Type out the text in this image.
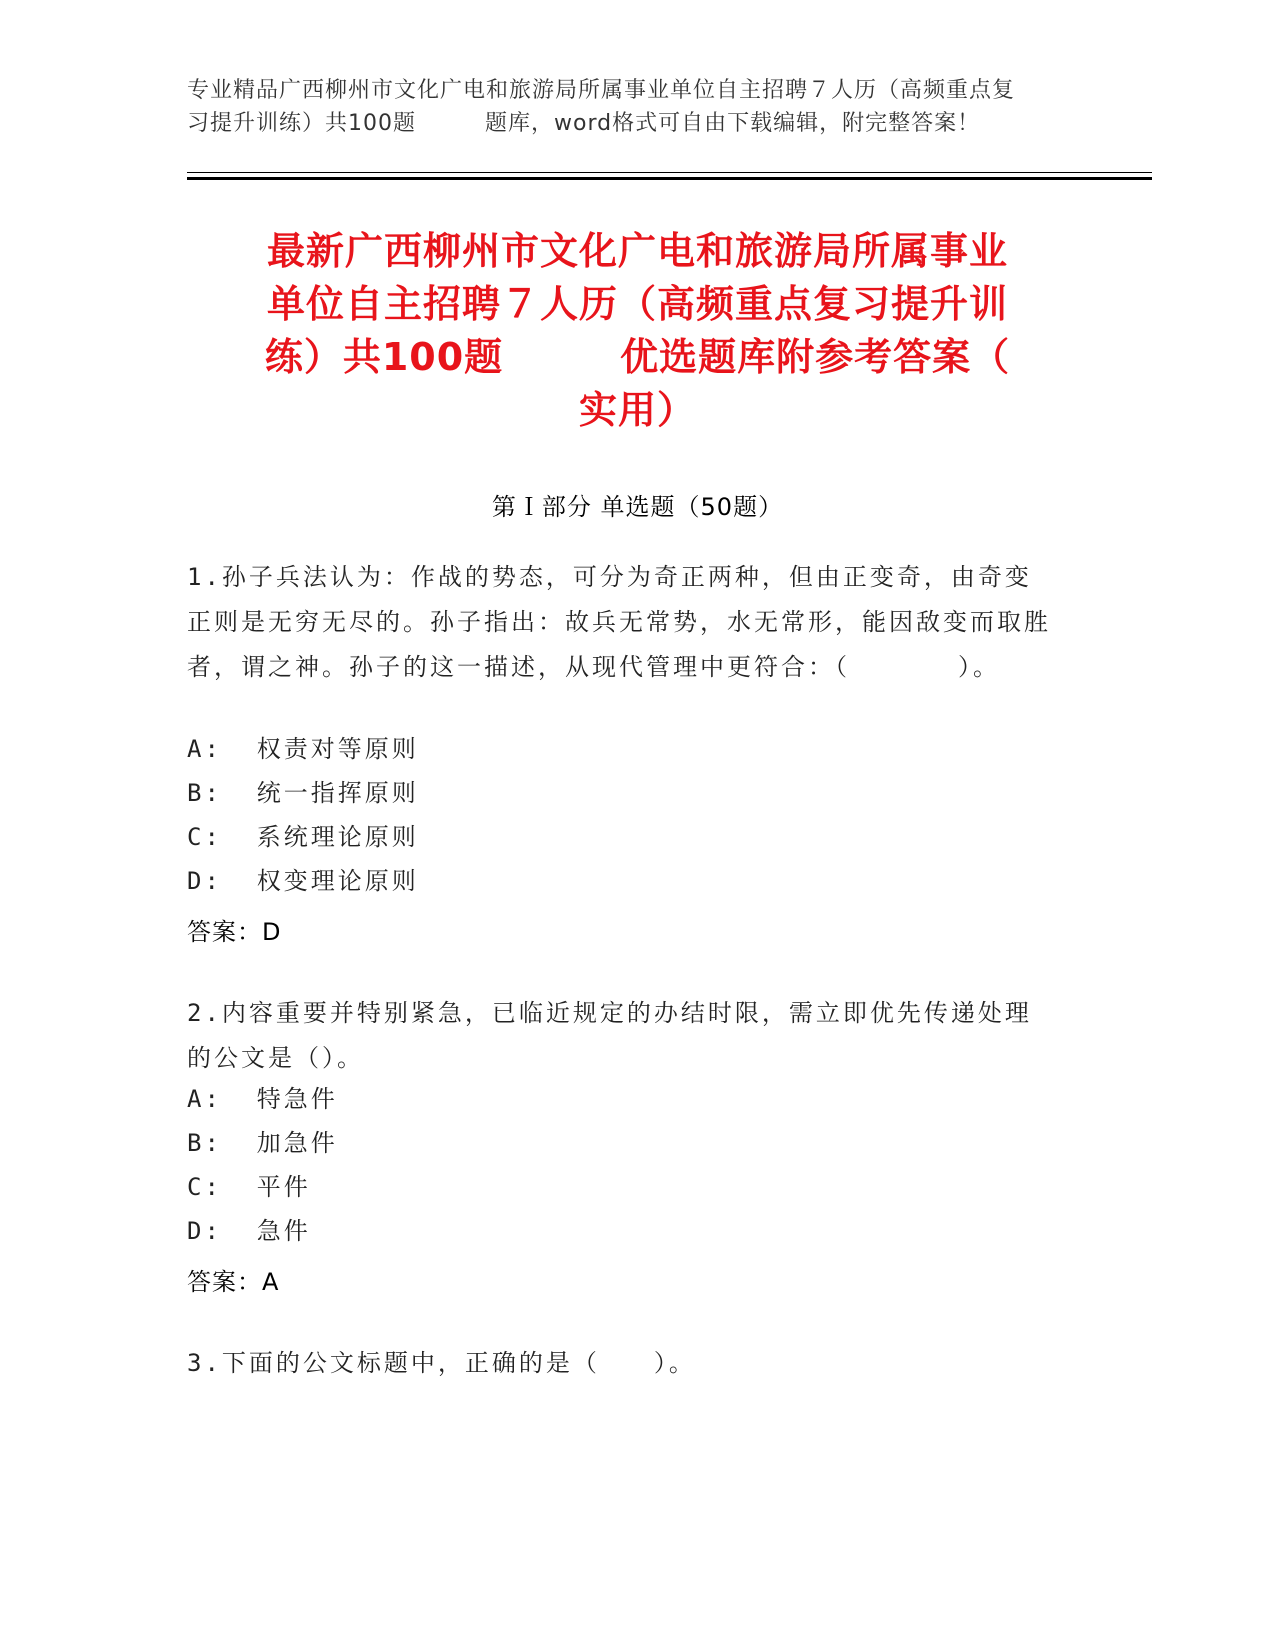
专业精品广西柳州市文化广电和旅游局所属事业单位自主招聘７人历（高频重点复
习提升训练）共100题　　　题库，word格式可自由下载编辑，附完整答案！
最新广西柳州市文化广电和旅游局所属事业
单位自主招聘７人历（高频重点复习提升训
练）共100题　　　优选题库附参考答案（
实用）
第Ｉ部分 单选题（50题）
1.孙子兵法认为：作战的势态，可分为奇正两种，但由正变奇，由奇变正则是无穷无尽的。孙子指出：故兵无常势，水无常形，能因敌变而取胜者，谓之神。孙子的这一描述，从现代管理中更符合：（　　　　）。
A:  权责对等原则
B:  统一指挥原则
C:  系统理论原则
D:  权变理论原则
答案：D
2.内容重要并特别紧急，已临近规定的办结时限，需立即优先传递处理的公文是（）。
A:  特急件
B:  加急件
C:  平件
D:  急件
答案：A
3.下面的公文标题中，正确的是（　　）。
